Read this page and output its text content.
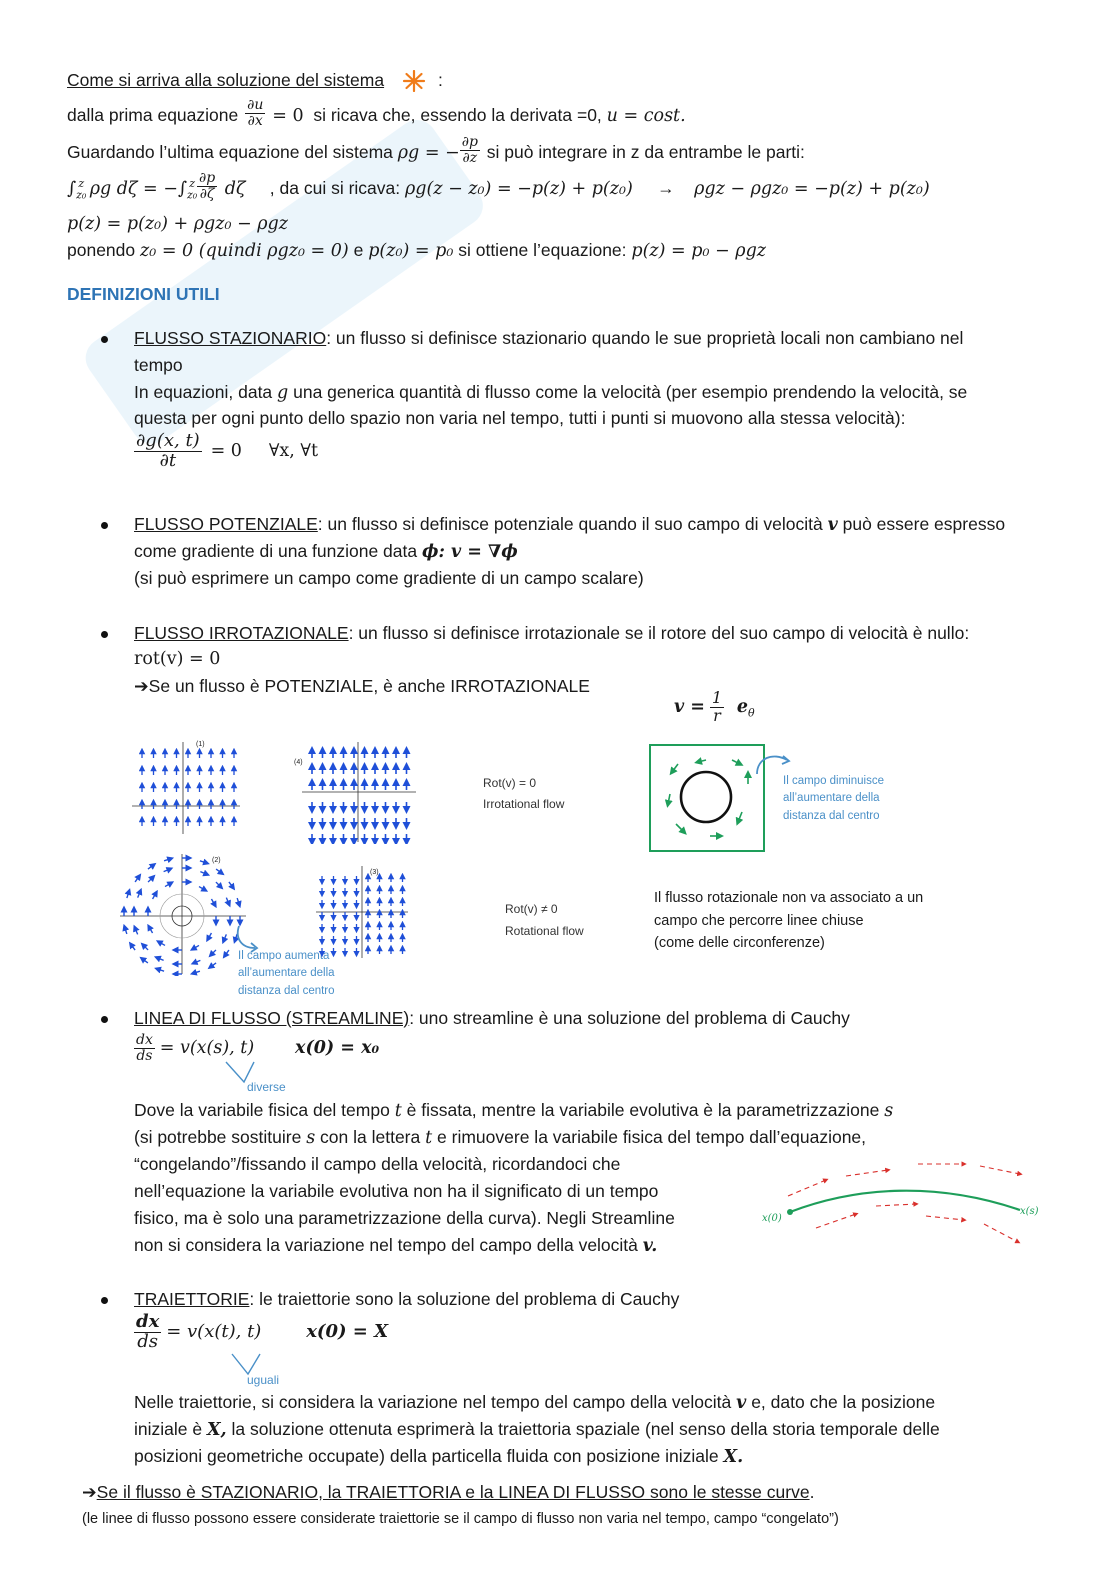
Come si arriva alla soluzione del sistema	:
dalla prima equazione $\frac{\partial u}{\partial x} = 0$ si ricava che, essendo la derivata =0, u = cost.
Guardando l’ultima equazione del sistema ρg = − $\frac{\partial p}{\partial z}$ si può integrare in z da entrambe le parti:
$\int_{z_0}^z$ ρg $d\zeta = -\int_{z_0}^z \frac{\partial p}{\partial\zeta}$ dζ , da cui si ricava: ρg(z − z₀) = −p(z) + p(z₀) → ρgz − ρgz₀ = −p(z) + p(z₀)
p(z) = p(z₀) + ρgz₀ − ρgz
ponendo z₀ = 0 (quindi ρgz₀ = 0) e p(z₀) = p₀ si ottiene l’equazione: p(z) = p₀ − ρgz
DEFINIZIONI UTILI
FLUSSO STAZIONARIO: un flusso si definisce stazionario quando le sue proprietà locali non cambiano nel
tempo
In equazioni, data g una generica quantità di flusso come la velocità (per esempio prendendo la velocità, se
questa per ogni punto dello spazio non varia nel tempo, tutti i punti si muovono alla stessa velocità):
$\frac{\partial g(x, t)}{\partial t} = 0$ ∀x, ∀t
FLUSSO POTENZIALE: un flusso si definisce potenziale quando il suo campo di velocità v può essere espresso
come gradiente di una funzione data ϕ: v = ∇ϕ
(si può esprimere un campo come gradiente di un campo scalare)
FLUSSO IRROTAZIONALE: un flusso si definisce irrotazionale se il rotore del suo campo di velocità è nullo:
rot(v) = 0
➔Se un flusso è POTENZIALE, è anche IRROTAZIONALE
$v = \frac{1}{r} e_\theta$
(1)
(4)
Rot(v) = 0
Irrotational flow
Il campo diminuisce all’aumentare della distanza dal centro
(2)
Il campo aumenta all’aumentare della distanza dal centro
(3)
Rot(v) ≠ 0
Rotational flow
Il flusso rotazionale non va associato a un
campo che percorre linee chiuse
(come delle circonferenze)
LINEA DI FLUSSO (STREAMLINE): uno streamline è una soluzione del problema di Cauchy
$\frac{dx}{ds} = v(x(s)$, t) x(0) = x₀
diverse
Dove la variabile fisica del tempo t è fissata, mentre la variabile evolutiva è la parametrizzazione s
(si potrebbe sostituire s con la lettera t e rimuovere la variabile fisica del tempo dall’equazione,
“congelando”/fissando il campo della velocità, ricordandoci che
nell’equazione la variabile evolutiva non ha il significato di un tempo
fisico, ma è solo una parametrizzazione della curva). Negli Streamline
non si considera la variazione nel tempo del campo della velocità v.
x(0)
x(s)
TRAIETTORIE: le traiettorie sono la soluzione del problema di Cauchy
$\frac{dx}{ds} = v(x(t)$, t) x(0) = X
uguali
Nelle traiettorie, si considera la variazione nel tempo del campo della velocità v e, dato che la posizione
iniziale è X, la soluzione ottenuta esprimerà la traiettoria spaziale (nel senso della storia temporale delle
posizioni geometriche occupate) della particella fluida con posizione iniziale X.
➔Se il flusso è STAZIONARIO, la TRAIETTORIA e la LINEA DI FLUSSO sono le stesse curve.
(le linee di flusso possono essere considerate traiettorie se il campo di flusso non varia nel tempo, campo “congelato”)
